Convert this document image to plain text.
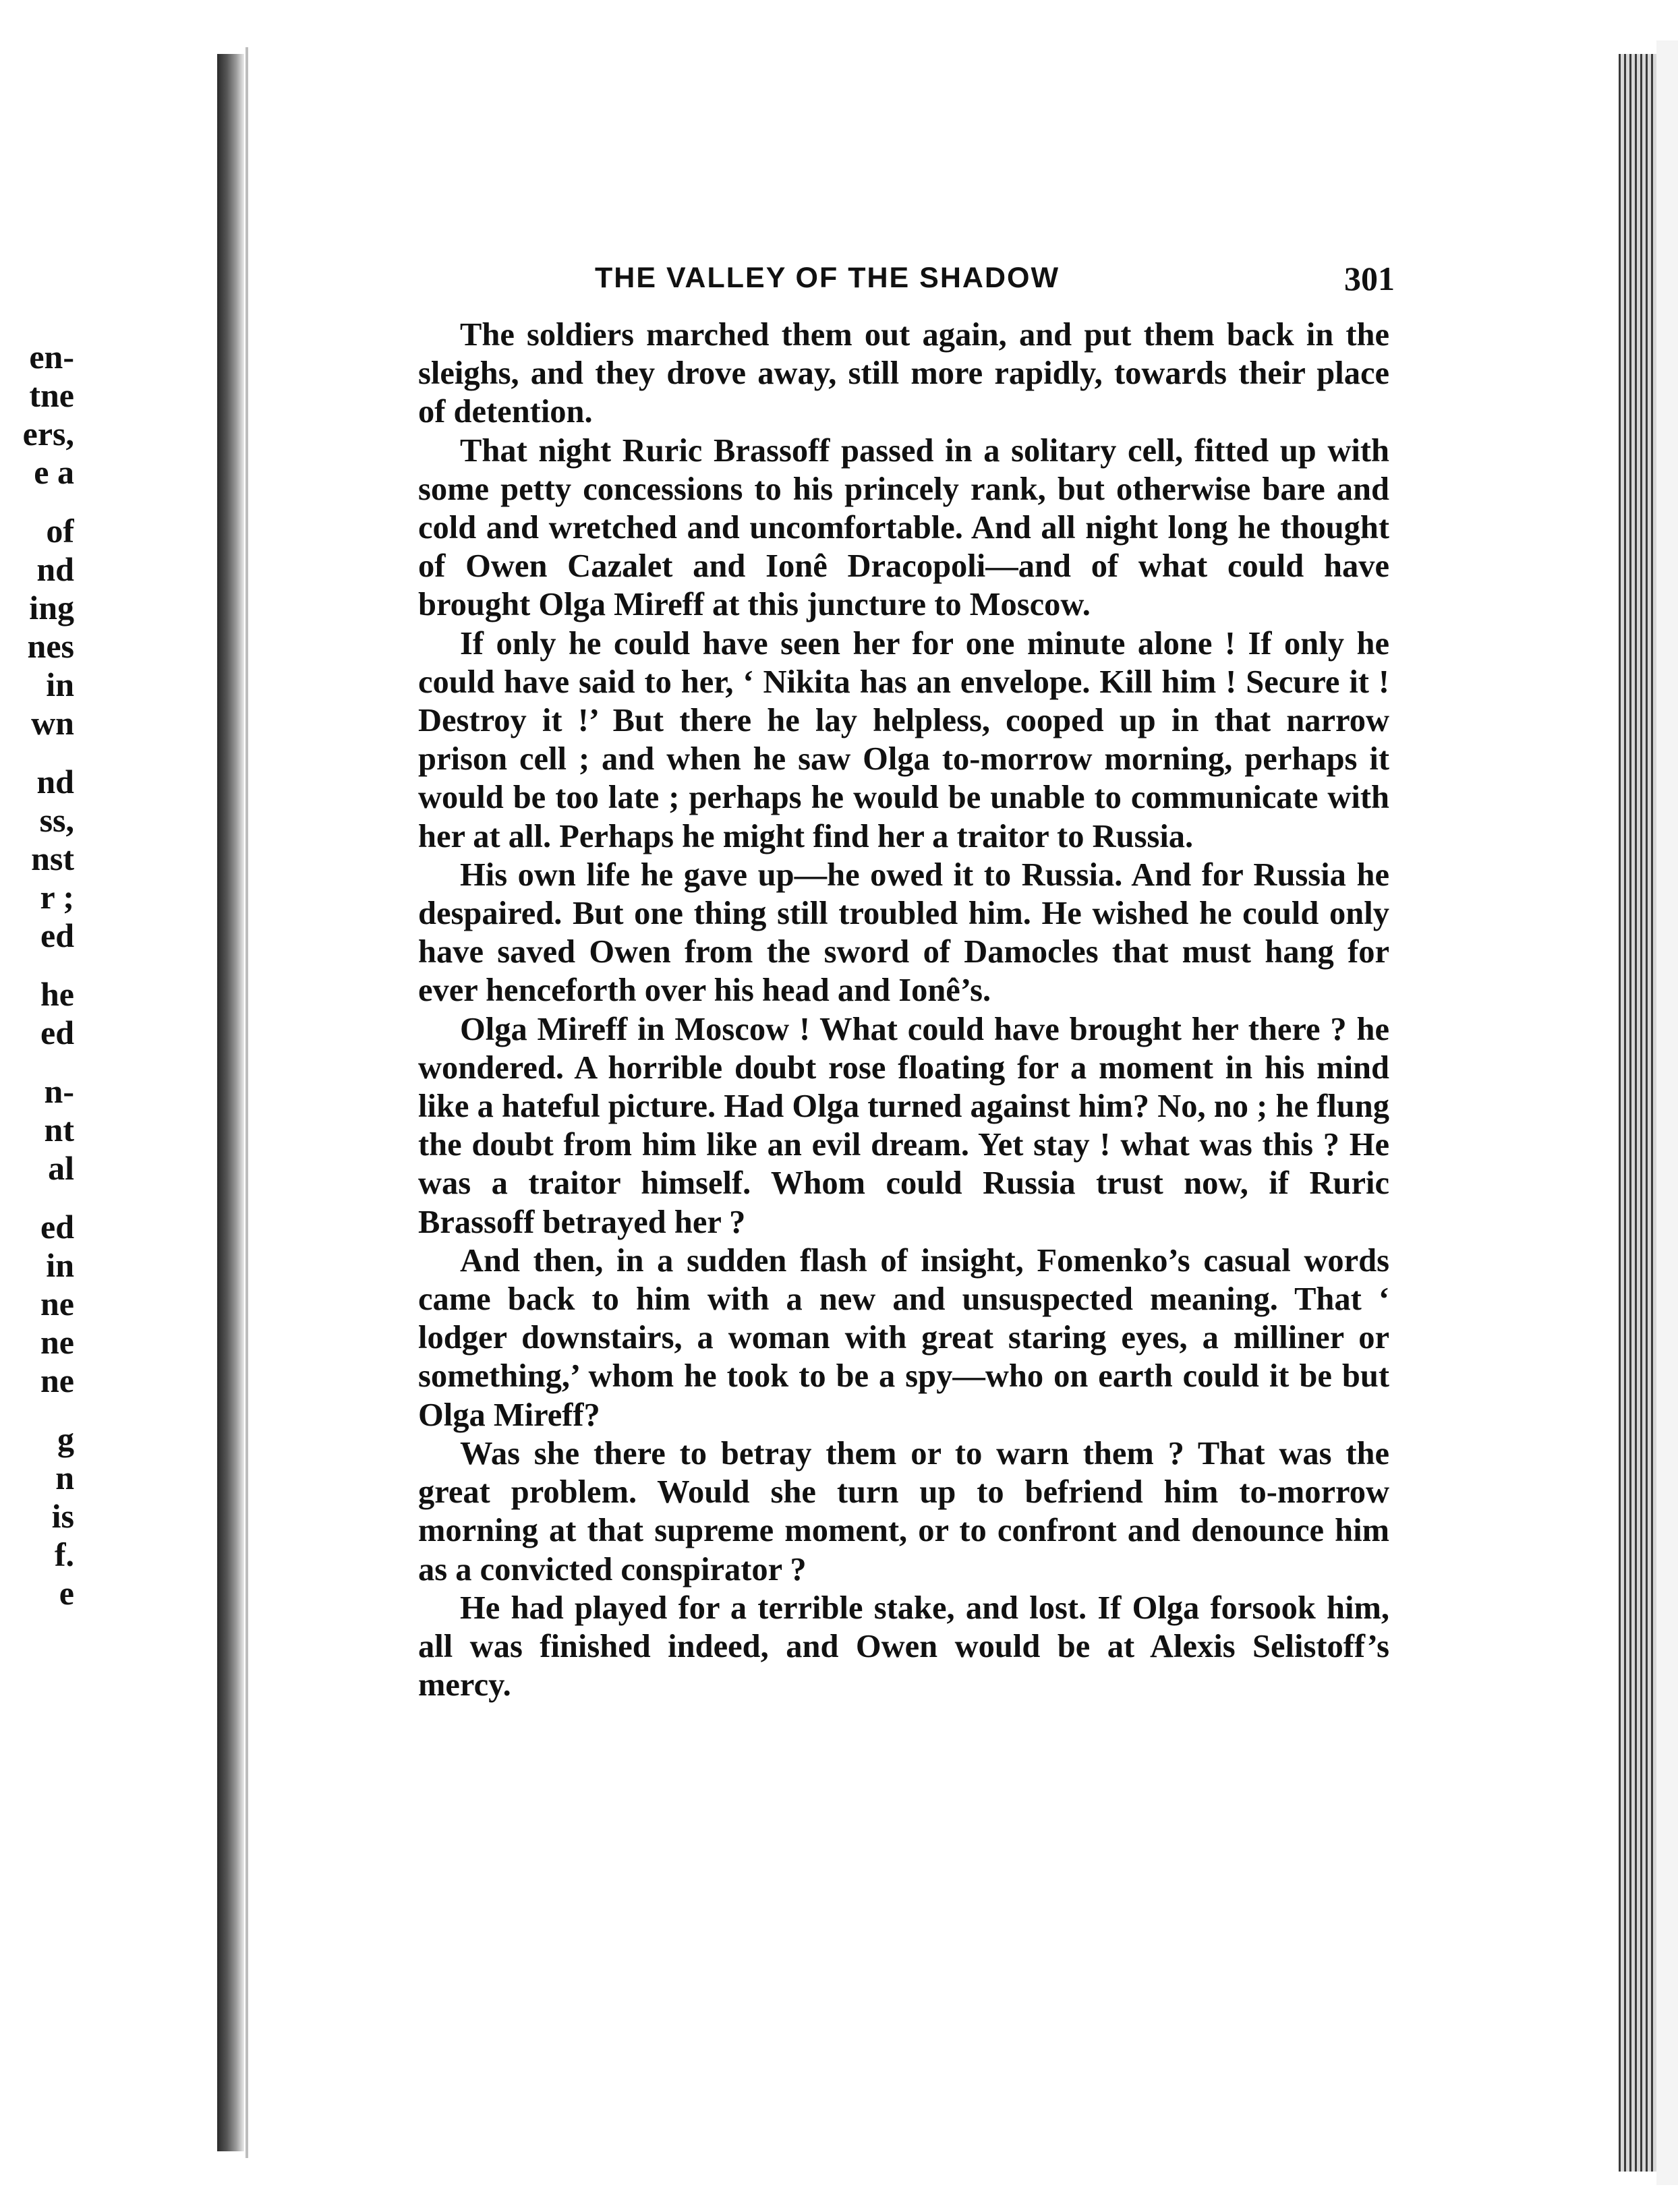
en-
tne
ers,
e a
of
nd
ing
nes
in
wn
nd
ss,
nst
r ;
ed
he
ed
n-
nt
al
ed
in
ne
ne
ne
g
n
is
f.
e
THE VALLEY OF THE SHADOW	301

The soldiers marched them out again, and put them back in the sleighs, and they drove away, still more rapidly, towards their place of detention.

That night Ruric Brassoff passed in a solitary cell, fitted up with some petty concessions to his princely rank, but otherwise bare and cold and wretched and uncomfortable. And all night long he thought of Owen Cazalet and Ionê Dracopoli—and of what could have brought Olga Mireff at this juncture to Moscow.

If only he could have seen her for one minute alone ! If only he could have said to her, ‘ Nikita has an envelope. Kill him ! Secure it ! Destroy it !’ But there he lay helpless, cooped up in that narrow prison cell ; and when he saw Olga to-morrow morning, perhaps it would be too late ; perhaps he would be unable to communicate with her at all. Perhaps he might find her a traitor to Russia.

His own life he gave up—he owed it to Russia. And for Russia he despaired. But one thing still troubled him. He wished he could only have saved Owen from the sword of Damocles that must hang for ever henceforth over his head and Ionê’s.

Olga Mireff in Moscow ! What could have brought her there ? he wondered. A horrible doubt rose floating for a moment in his mind like a hateful picture. Had Olga turned against him? No, no ; he flung the doubt from him like an evil dream. Yet stay ! what was this ? He was a traitor himself. Whom could Russia trust now, if Ruric Brassoff betrayed her ?

And then, in a sudden flash of insight, Fomenko’s casual words came back to him with a new and unsuspected meaning. That ‘ lodger downstairs, a woman with great staring eyes, a milliner or something,’ whom he took to be a spy—who on earth could it be but Olga Mireff?

Was she there to betray them or to warn them ? That was the great problem. Would she turn up to befriend him to-morrow morning at that supreme moment, or to confront and denounce him as a convicted conspirator ?

He had played for a terrible stake, and lost. If Olga forsook him, all was finished indeed, and Owen would be at Alexis Selistoff’s mercy.
